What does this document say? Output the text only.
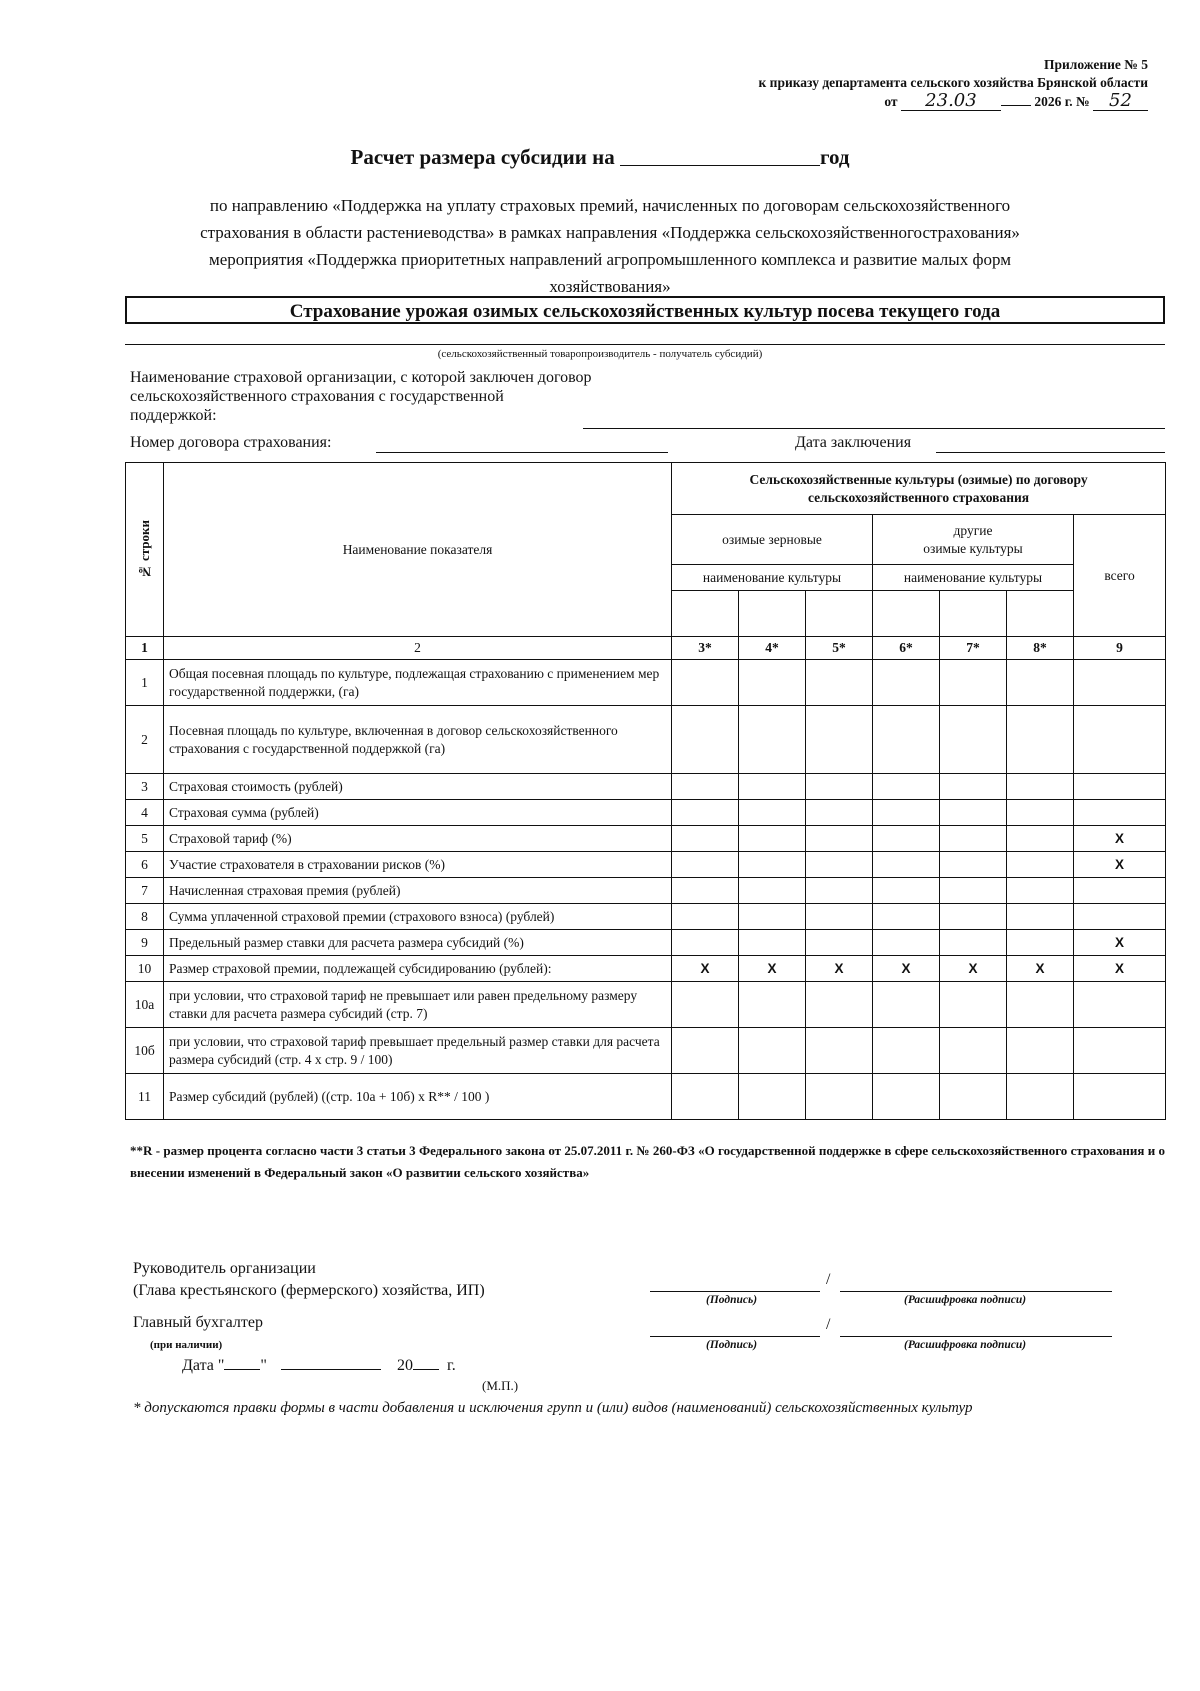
Приложение № 5
к приказу департамента сельского хозяйства Брянской области
от 23.03	2026 г. № 52
Расчет размера субсидии на	год
по направлению «Поддержка на уплату страховых премий, начисленных по договорам сельскохозяйственного
страхования в области растениеводства» в рамках направления «Поддержка сельскохозяйственногострахования»
мероприятия «Поддержка приоритетных направлений агропромышленного комплекса и развитие малых форм
хозяйствования»
Страхование урожая озимых сельскохозяйственных культур посева текущего года
(сельскохозяйственный товаропроизводитель - получатель субсидий)
Наименование страховой организации, с которой заключен договор
сельскохозяйственного страхования с государственной
поддержкой:
Номер договора страхования:	Дата заключения
№ строки	Наименование показателя	Сельскохозяйственные культуры (озимые) по договору
сельскохозяйственного страхования						

		озимые зерновые			другие
озимые культуры			всего
		наименование культуры			наименование культуры			

1	2	3*	4*	5*	6*	7*	8*	9
1	Общая посевная площадь по культуре, подлежащая страхованию с применением мер государственной поддержки, (га)							
2	Посевная площадь по культуре, включенная в договор сельскохозяйственного страхования с государственной поддержкой (га)							
3	Страховая стоимость (рублей)							
4	Страховая сумма (рублей)							
5	Страховой тариф (%)							X
6	Участие страхователя в страховании рисков (%)							X
7	Начисленная страховая премия (рублей)							
8	Сумма уплаченной страховой премии (страхового взноса) (рублей)							
9	Предельный размер ставки для расчета размера субсидий (%)							X
10	Размер страховой премии, подлежащей субсидированию (рублей):	X	X	X	X	X	X	X
10а	при условии, что страховой тариф не превышает или равен предельному размеру ставки для расчета размера субсидий (стр. 7)							
10б	при условии, что страховой тариф превышает предельный размер ставки для расчета размера субсидий (стр. 4 х стр. 9 / 100)							
11	Размер субсидий (рублей) ((стр. 10а + 10б) х R** / 100 )							
**R - размер процента согласно части 3 статьи 3 Федерального закона от 25.07.2011 г. № 260-ФЗ «О государственной поддержке в сфере сельскохозяйственного страхования и о внесении изменений в Федеральный закон «О развитии сельского хозяйства»
Руководитель организации
(Глава крестьянского (фермерского) хозяйства, ИП)
/
(Подпись)	(Расшифровка подписи)
Главный бухгалтер	/
(Подпись)	(Расшифровка подписи)
(при наличии)
Дата " "	20 г.
(М.П.)
* допускаются правки формы в части добавления и исключения групп и (или) видов (наименований) сельскохозяйственных культур
